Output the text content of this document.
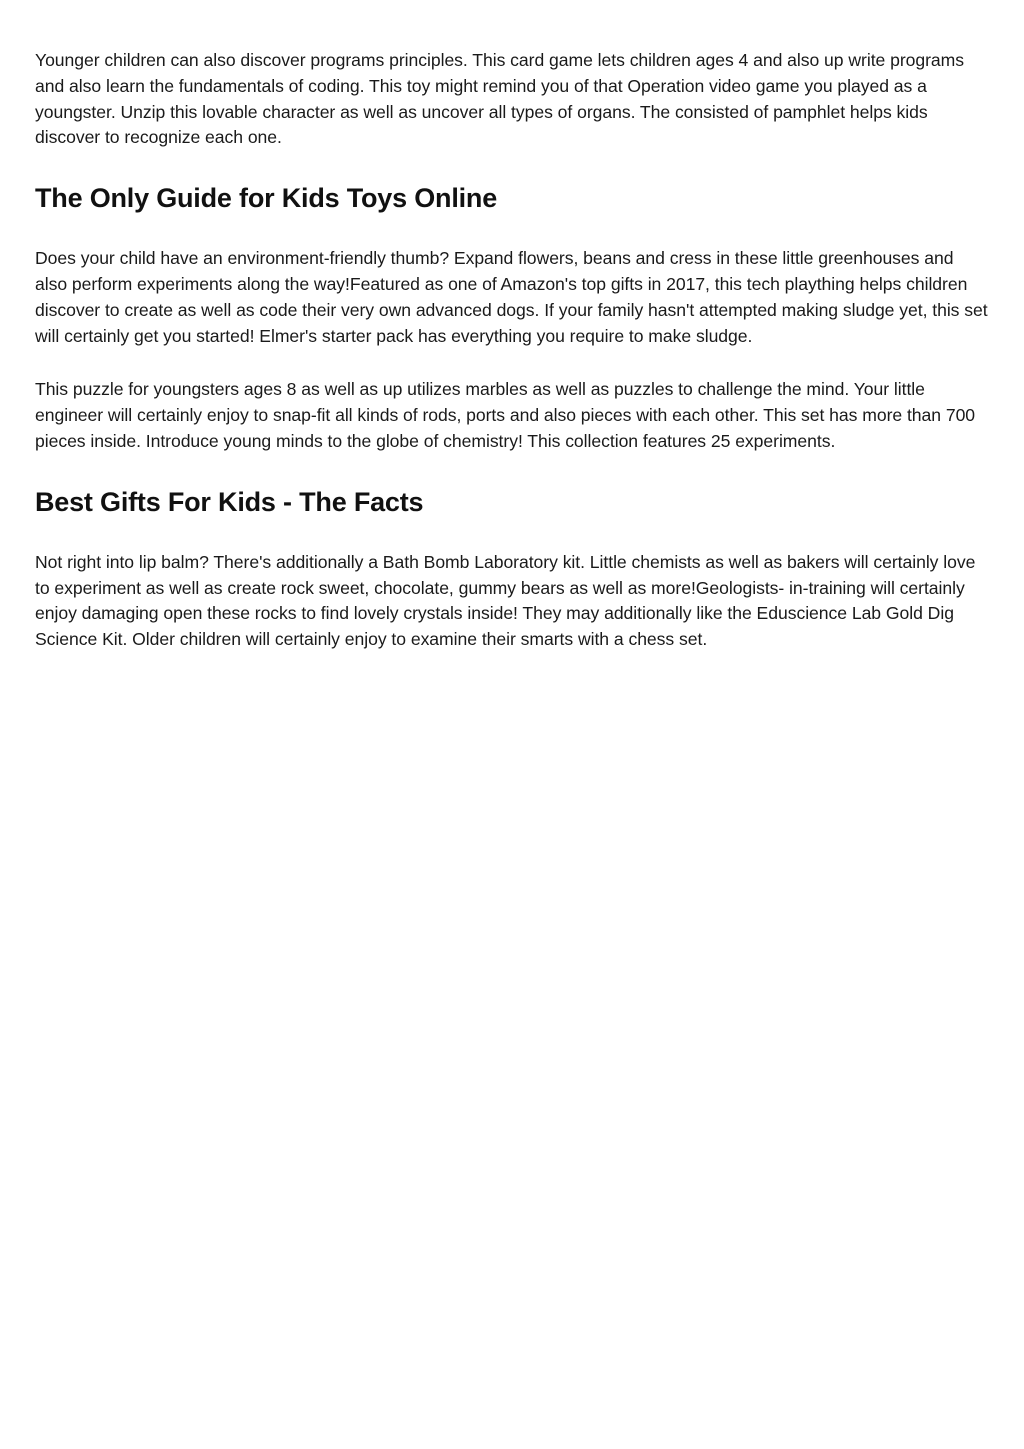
Younger children can also discover programs principles. This card game lets children ages 4 and also up write programs and also learn the fundamentals of coding. This toy might remind you of that Operation video game you played as a youngster. Unzip this lovable character as well as uncover all types of organs. The consisted of pamphlet helps kids discover to recognize each one.

The Only Guide for Kids Toys Online

Does your child have an environment-friendly thumb? Expand flowers, beans and cress in these little greenhouses and also perform experiments along the way!Featured as one of Amazon's top gifts in 2017, this tech plaything helps children discover to create as well as code their very own advanced dogs. If your family hasn't attempted making sludge yet, this set will certainly get you started! Elmer's starter pack has everything you require to make sludge.

This puzzle for youngsters ages 8 as well as up utilizes marbles as well as puzzles to challenge the mind. Your little engineer will certainly enjoy to snap-fit all kinds of rods, ports and also pieces with each other. This set has more than 700 pieces inside. Introduce young minds to the globe of chemistry! This collection features 25 experiments.

Best Gifts For Kids - The Facts

Not right into lip balm? There's additionally a Bath Bomb Laboratory kit. Little chemists as well as bakers will certainly love to experiment as well as create rock sweet, chocolate, gummy bears as well as more!Geologists- in-training will certainly enjoy damaging open these rocks to find lovely crystals inside! They may additionally like the Eduscience Lab Gold Dig Science Kit. Older children will certainly enjoy to examine their smarts with a chess set.
